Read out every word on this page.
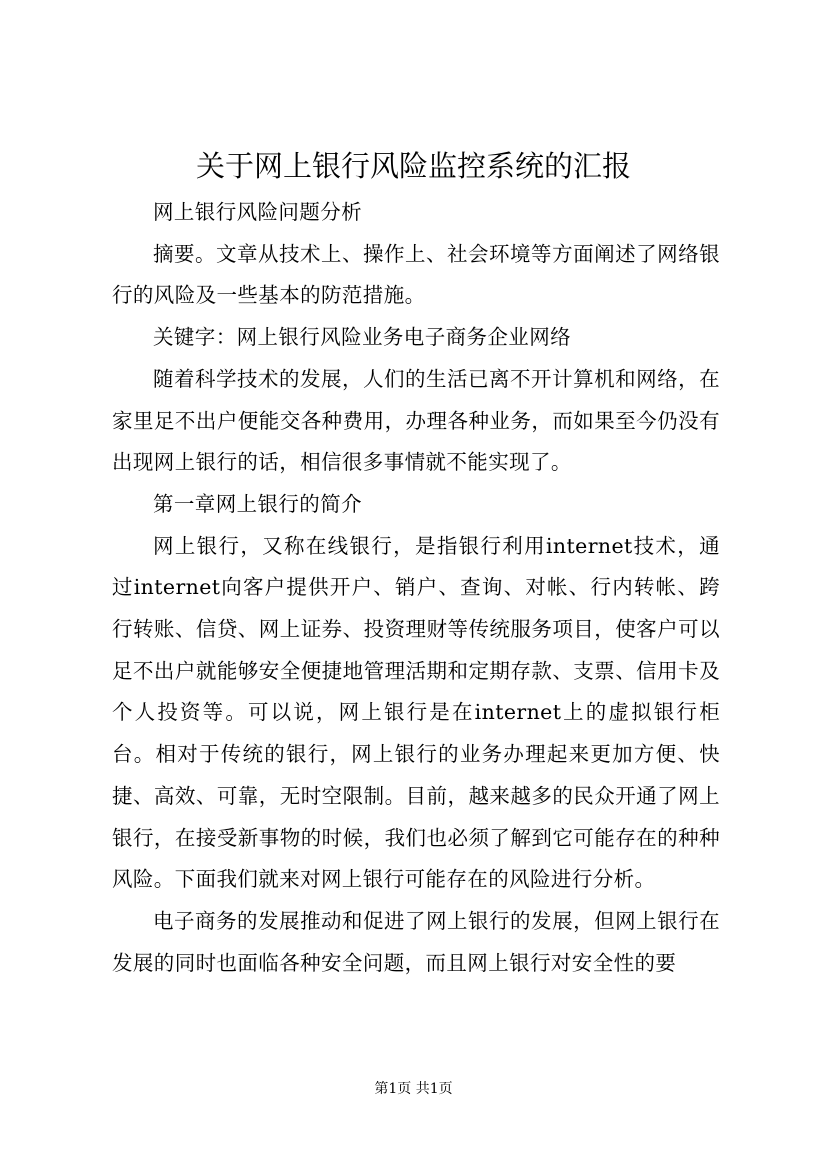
关于网上银行风险监控系统的汇报

网上银行风险问题分析

摘要。文章从技术上、操作上、社会环境等方面阐述了网络银行的风险及一些基本的防范措施。

关键字：网上银行风险业务电子商务企业网络

随着科学技术的发展，人们的生活已离不开计算机和网络，在家里足不出户便能交各种费用，办理各种业务，而如果至今仍没有出现网上银行的话，相信很多事情就不能实现了。

第一章网上银行的简介

网上银行，又称在线银行，是指银行利用internet技术，通过internet向客户提供开户、销户、查询、对帐、行内转帐、跨行转账、信贷、网上证券、投资理财等传统服务项目，使客户可以足不出户就能够安全便捷地管理活期和定期存款、支票、信用卡及个人投资等。可以说，网上银行是在internet上的虚拟银行柜台。相对于传统的银行，网上银行的业务办理起来更加方便、快捷、高效、可靠，无时空限制。目前，越来越多的民众开通了网上银行，在接受新事物的时候，我们也必须了解到它可能存在的种种风险。下面我们就来对网上银行可能存在的风险进行分析。

电子商务的发展推动和促进了网上银行的发展，但网上银行在发展的同时也面临各种安全问题，而且网上银行对安全性的要

第1页 共1页
